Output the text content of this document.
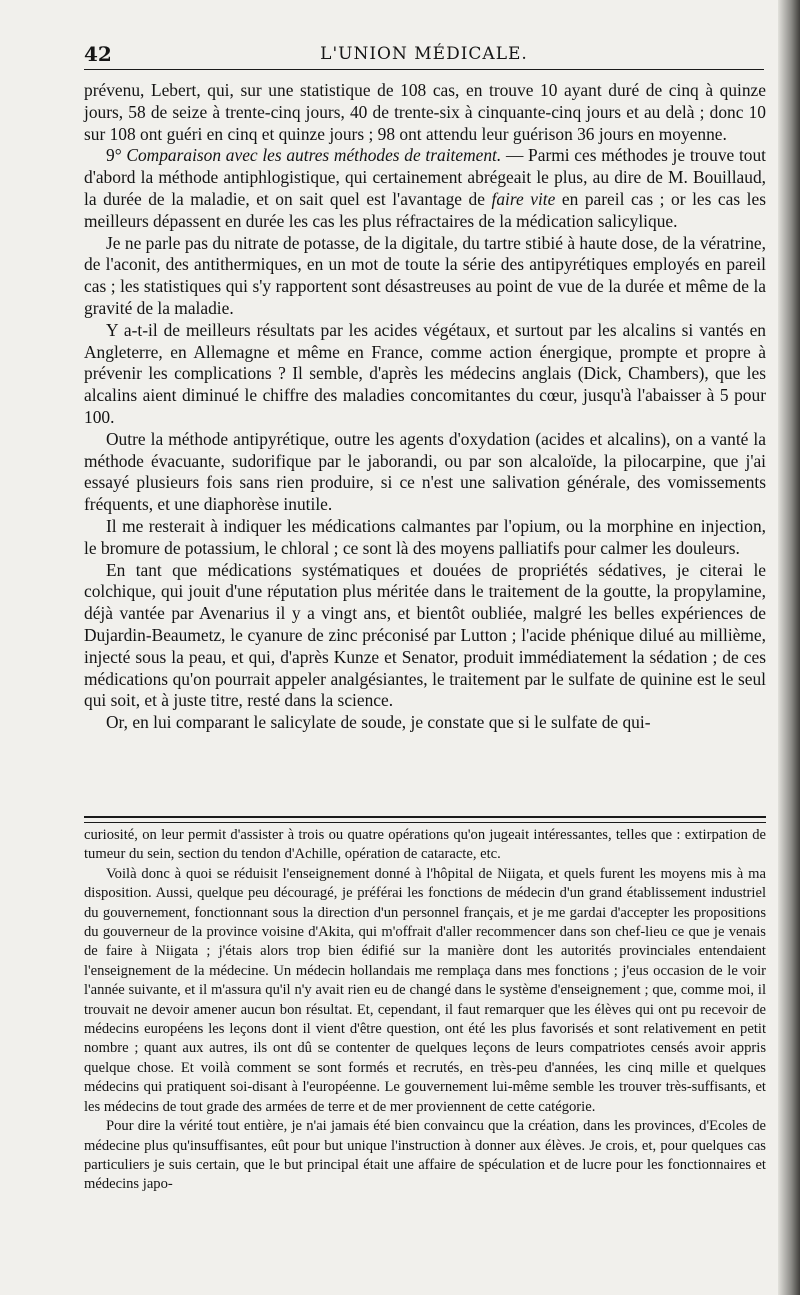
42	L'UNION MÉDICALE.

prévenu, Lebert, qui, sur une statistique de 108 cas, en trouve 10 ayant duré de cinq à quinze jours, 58 de seize à trente-cinq jours, 40 de trente-six à cinquante-cinq jours et au delà ; donc 10 sur 108 ont guéri en cinq et quinze jours ; 98 ont attendu leur guérison 36 jours en moyenne.

9° Comparaison avec les autres méthodes de traitement. — Parmi ces méthodes je trouve tout d'abord la méthode antiphlogistique, qui certainement abrégeait le plus, au dire de M. Bouillaud, la durée de la maladie, et on sait quel est l'avantage de faire vite en pareil cas ; or les cas les meilleurs dépassent en durée les cas les plus réfractaires de la médication salicylique.

Je ne parle pas du nitrate de potasse, de la digitale, du tartre stibié à haute dose, de la vératrine, de l'aconit, des antithermiques, en un mot de toute la série des antipyrétiques employés en pareil cas ; les statistiques qui s'y rapportent sont désastreuses au point de vue de la durée et même de la gravité de la maladie.

Y a-t-il de meilleurs résultats par les acides végétaux, et surtout par les alcalins si vantés en Angleterre, en Allemagne et même en France, comme action énergique, prompte et propre à prévenir les complications ? Il semble, d'après les médecins anglais (Dick, Chambers), que les alcalins aient diminué le chiffre des maladies concomitantes du cœur, jusqu'à l'abaisser à 5 pour 100.

Outre la méthode antipyrétique, outre les agents d'oxydation (acides et alcalins), on a vanté la méthode évacuante, sudorifique par le jaborandi, ou par son alcaloïde, la pilocarpine, que j'ai essayé plusieurs fois sans rien produire, si ce n'est une salivation générale, des vomissements fréquents, et une diaphorèse inutile.

Il me resterait à indiquer les médications calmantes par l'opium, ou la morphine en injection, le bromure de potassium, le chloral ; ce sont là des moyens palliatifs pour calmer les douleurs.

En tant que médications systématiques et douées de propriétés sédatives, je citerai le colchique, qui jouit d'une réputation plus méritée dans le traitement de la goutte, la propylamine, déjà vantée par Avenarius il y a vingt ans, et bientôt oubliée, malgré les belles expériences de Dujardin-Beaumetz, le cyanure de zinc préconisé par Lutton ; l'acide phénique dilué au millième, injecté sous la peau, et qui, d'après Kunze et Senator, produit immédiatement la sédation ; de ces médications qu'on pourrait appeler analgésiantes, le traitement par le sulfate de quinine est le seul qui soit, et à juste titre, resté dans la science.

Or, en lui comparant le salicylate de soude, je constate que si le sulfate de qui-

curiosité, on leur permit d'assister à trois ou quatre opérations qu'on jugeait intéressantes, telles que : extirpation de tumeur du sein, section du tendon d'Achille, opération de cataracte, etc.

Voilà donc à quoi se réduisit l'enseignement donné à l'hôpital de Niigata, et quels furent les moyens mis à ma disposition. Aussi, quelque peu découragé, je préférai les fonctions de médecin d'un grand établissement industriel du gouvernement, fonctionnant sous la direction d'un personnel français, et je me gardai d'accepter les propositions du gouverneur de la province voisine d'Akita, qui m'offrait d'aller recommencer dans son chef-lieu ce que je venais de faire à Niigata ; j'étais alors trop bien édifié sur la manière dont les autorités provinciales entendaient l'enseignement de la médecine. Un médecin hollandais me remplaça dans mes fonctions ; j'eus occasion de le voir l'année suivante, et il m'assura qu'il n'y avait rien eu de changé dans le système d'enseignement ; que, comme moi, il trouvait ne devoir amener aucun bon résultat. Et, cependant, il faut remarquer que les élèves qui ont pu recevoir de médecins européens les leçons dont il vient d'être question, ont été les plus favorisés et sont relativement en petit nombre ; quant aux autres, ils ont dû se contenter de quelques leçons de leurs compatriotes censés avoir appris quelque chose. Et voilà comment se sont formés et recrutés, en très-peu d'années, les cinq mille et quelques médecins qui pratiquent soi-disant à l'européenne. Le gouvernement lui-même semble les trouver très-suffisants, et les médecins de tout grade des armées de terre et de mer proviennent de cette catégorie.

Pour dire la vérité tout entière, je n'ai jamais été bien convaincu que la création, dans les provinces, d'Ecoles de médecine plus qu'insuffisantes, eût pour but unique l'instruction à donner aux élèves. Je crois, et, pour quelques cas particuliers je suis certain, que le but principal était une affaire de spéculation et de lucre pour les fonctionnaires et médecins japo-
